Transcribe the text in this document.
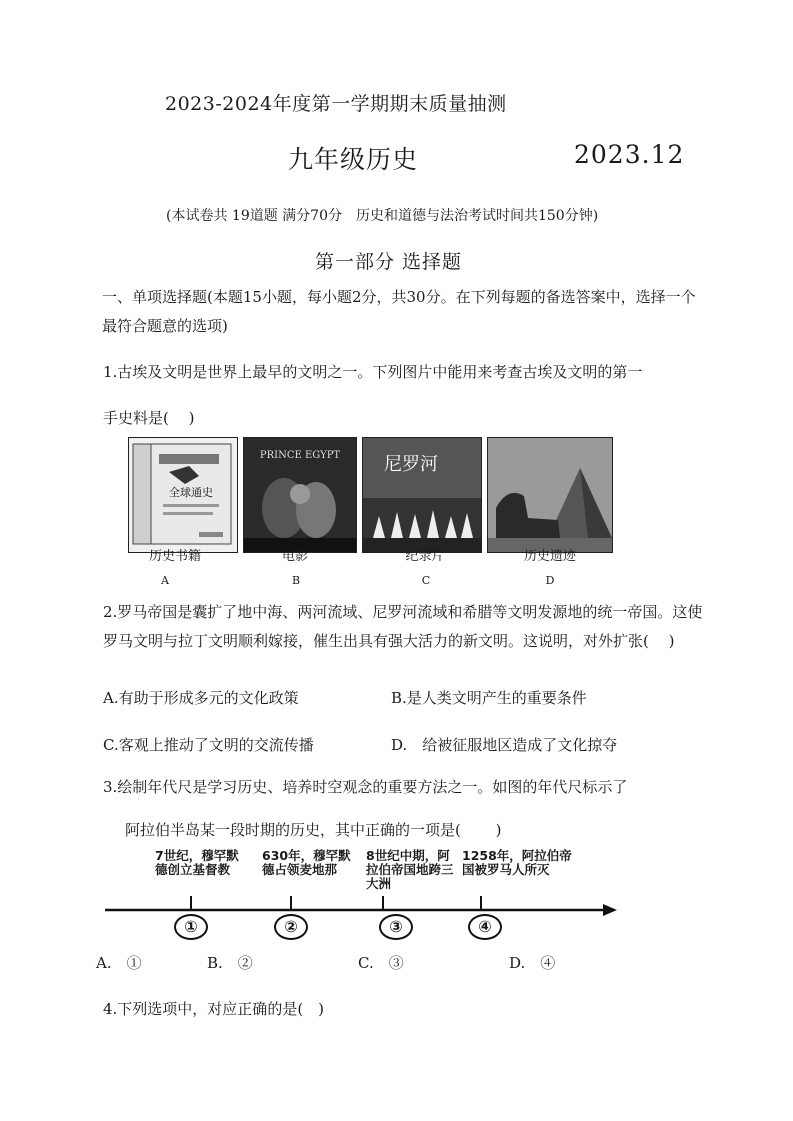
2023-2024年度第一学期期末质量抽测
九年级历史	2023.12
(本试卷共 19道题 满分70分　历史和道德与法治考试时间共150分钟)
第一部分 选择题
一、单项选择题(本题15小题，每小题2分，共30分。在下列每题的备选答案中，选择一个最符合题意的选项)
1.古埃及文明是世界上最早的文明之一。下列图片中能用来考查古埃及文明的第一
手史料是(　 )
全球通史
PRINCE EGYPT 尼罗河
历史书籍	电影	纪录片	历史遗迹
A	B	C	D
2.罗马帝国是囊扩了地中海、两河流域、尼罗河流域和希腊等文明发源地的统一帝国。这使罗马文明与拉丁文明顺利嫁接，催生出具有强大活力的新文明。这说明，对外扩张(　 )
A.有助于形成多元的文化政策	B.是人类文明产生的重要条件
C.客观上推动了文明的交流传播	D.　给被征服地区造成了文化掠夺
3.绘制年代尺是学习历史、培养时空观念的重要方法之一。如图的年代尺标示了
阿拉伯半岛某一段时期的历史，其中正确的一项是(　 　)
7世纪，穆罕默德创立基督教
630年，穆罕默德占领麦地那
8世纪中期，阿拉伯帝国地跨三大洲
1258年，阿拉伯帝国被罗马人所灭
①	②	③	④
A.　①	B.　②	C.　③	D.　④
4.下列选项中，对应正确的是(　)
